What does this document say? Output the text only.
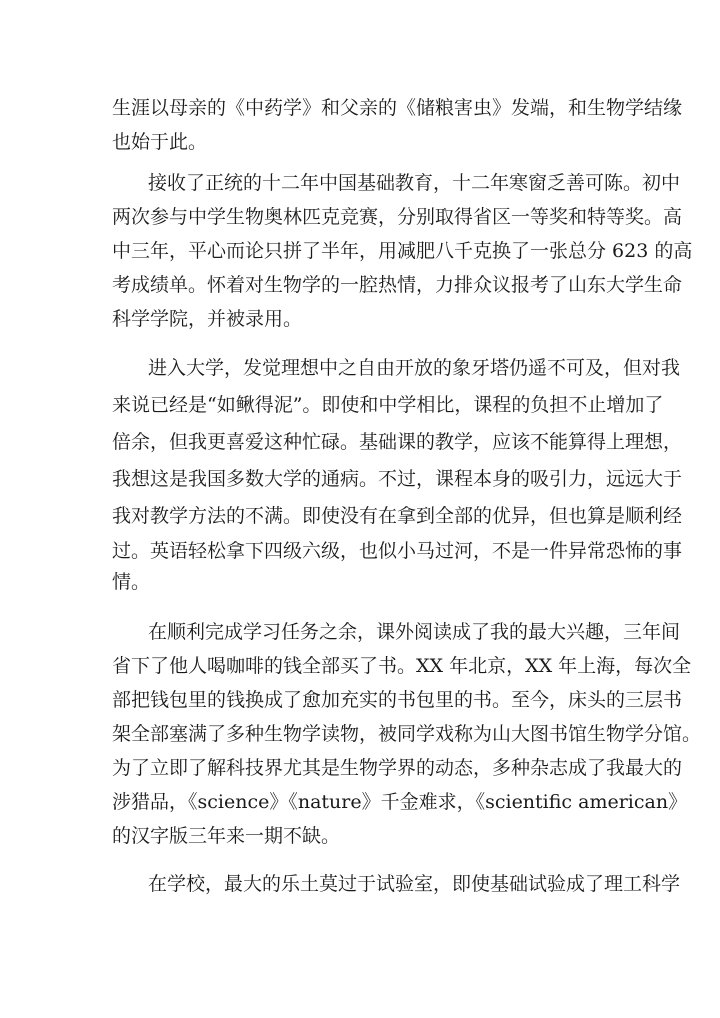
生涯以母亲的《中药学》和父亲的《储粮害虫》发端，和生物学结缘
也始于此。
接收了正统的十二年中国基础教育，十二年寒窗乏善可陈。初中
两次参与中学生物奥林匹克竞赛，分别取得省区一等奖和特等奖。高
中三年，平心而论只拼了半年，用减肥八千克换了一张总分 623 的高
考成绩单。怀着对生物学的一腔热情，力排众议报考了山东大学生命
科学学院，并被录用。
进入大学，发觉理想中之自由开放的象牙塔仍遥不可及，但对我
来说已经是“如鳅得泥”。即使和中学相比，课程的负担不止增加了
倍余，但我更喜爱这种忙碌。基础课的教学，应该不能算得上理想，
我想这是我国多数大学的通病。不过，课程本身的吸引力，远远大于
我对教学方法的不满。即使没有在拿到全部的优异，但也算是顺利经
过。英语轻松拿下四级六级，也似小马过河，不是一件异常恐怖的事
情。
在顺利完成学习任务之余，课外阅读成了我的最大兴趣，三年间
省下了他人喝咖啡的钱全部买了书。XX 年北京，XX 年上海，每次全
部把钱包里的钱换成了愈加充实的书包里的书。至今，床头的三层书
架全部塞满了多种生物学读物，被同学戏称为山大图书馆生物学分馆。
为了立即了解科技界尤其是生物学界的动态，多种杂志成了我最大的
涉猎品，《science》《nature》千金难求，《scientific american》
的汉字版三年来一期不缺。
在学校，最大的乐土莫过于试验室，即使基础试验成了理工科学
